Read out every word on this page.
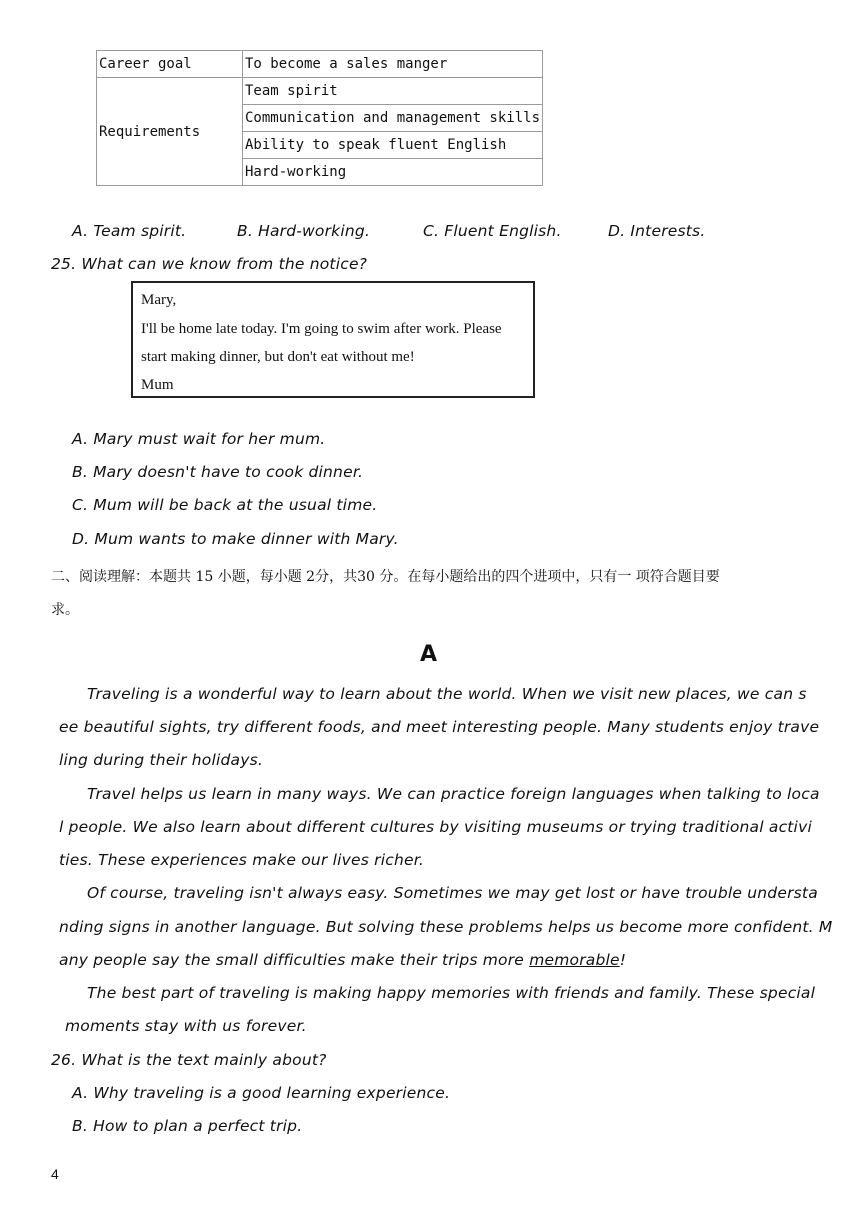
Career goal	To become a sales manger
Requirements	Team spirit
	Communication and management skills
	Ability to speak fluent English
	Hard-working
A. Team spirit.	B. Hard-working.	C. Fluent English.	D. Interests.
25. What can we know from the notice?
Mary,
I'll be home late today. I'm going to swim after work. Please
start making dinner, but don't eat without me!
Mum
A. Mary must wait for her mum.
B. Mary doesn't have to cook dinner.
C. Mum will be back at the usual time.
D. Mum wants to make dinner with Mary.
二、阅读理解：本题共 15 小题，每小题 2分，共30 分。在每小题给出的四个进项中，只有一 项符合题目要
求。
A
Traveling is a wonderful way to learn about the world. When we visit new places, we can s
ee beautiful sights, try different foods, and meet interesting people. Many students enjoy trave
ling during their holidays.
Travel helps us learn in many ways. We can practice foreign languages when talking to loca
l people. We also learn about different cultures by visiting museums or trying traditional activi
ties. These experiences make our lives richer.
Of course, traveling isn't always easy. Sometimes we may get lost or have trouble understa
nding signs in another language. But solving these problems helps us become more confident. M
any people say the small difficulties make their trips more memorable!
The best part of traveling is making happy memories with friends and family. These special
moments stay with us forever.
26. What is the text mainly about?
A. Why traveling is a good learning experience.
B. How to plan a perfect trip.
4
